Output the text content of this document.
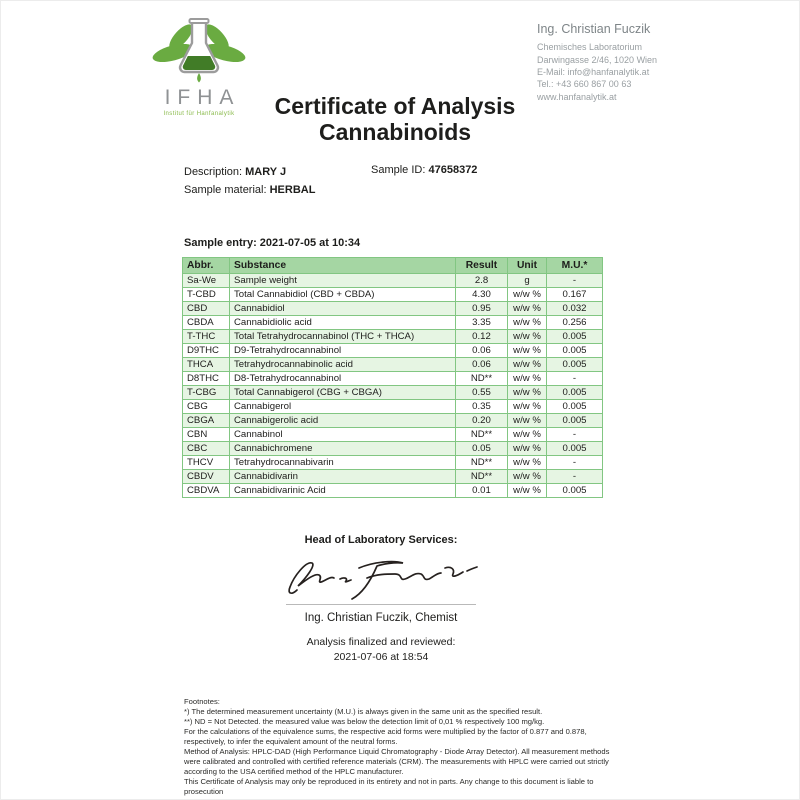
IFHA
Institut für Hanfanalytik
Ing. Christian Fuczik
Chemisches Laboratorium
Darwingasse 2/46, 1020 Wien
E-Mail: info@hanfanalytik.at
Tel.: +43 660 867 00 63
www.hanfanalytik.at
Certificate of Analysis
Cannabinoids
Description: MARY J
Sample material: HERBAL
Sample ID: 47658372
Sample entry: 2021-07-05 at 10:34
Abbr.	Substance	Result	Unit	M.U.*
Sa-We	Sample weight	2.8	g	-
T-CBD	Total Cannabidiol (CBD + CBDA)	4.30	w/w %	0.167
CBD	Cannabidiol	0.95	w/w %	0.032
CBDA	Cannabidiolic acid	3.35	w/w %	0.256
T-THC	Total Tetrahydrocannabinol (THC + THCA)	0.12	w/w %	0.005
D9THC	D9-Tetrahydrocannabinol	0.06	w/w %	0.005
THCA	Tetrahydrocannabinolic acid	0.06	w/w %	0.005
D8THC	D8-Tetrahydrocannabinol	ND**	w/w %	-
T-CBG	Total Cannabigerol (CBG + CBGA)	0.55	w/w %	0.005
CBG	Cannabigerol	0.35	w/w %	0.005
CBGA	Cannabigerolic acid	0.20	w/w %	0.005
CBN	Cannabinol	ND**	w/w %	-
CBC	Cannabichromene	0.05	w/w %	0.005
THCV	Tetrahydrocannabivarin	ND**	w/w %	-
CBDV	Cannabidivarin	ND**	w/w %	-
CBDVA	Cannabidivarinic Acid	0.01	w/w %	0.005
Head of Laboratory Services:
Ing. Christian Fuczik, Chemist
Analysis finalized and reviewed:
2021-07-06 at 18:54
Footnotes:
*) The determined measurement uncertainty (M.U.) is always given in the same unit as the specified result.
**) ND = Not Detected. the measured value was below the detection limit of 0,01 % respectively 100 mg/kg.
For the calculations of the equivalence sums, the respective acid forms were multiplied by the factor of 0.877 and 0.878, respectively, to infer the equivalent amount of the neutral forms.
Method of Analysis: HPLC-DAD (High Performance Liquid Chromatography - Diode Array Detector). All measurement methods were calibrated and controlled with certified reference materials (CRM). The measurements with HPLC were carried out strictly according to the USA certified method of the HPLC manufacturer.
This Certificate of Analysis may only be reproduced in its entirety and not in parts. Any change to this document is liable to prosecution
